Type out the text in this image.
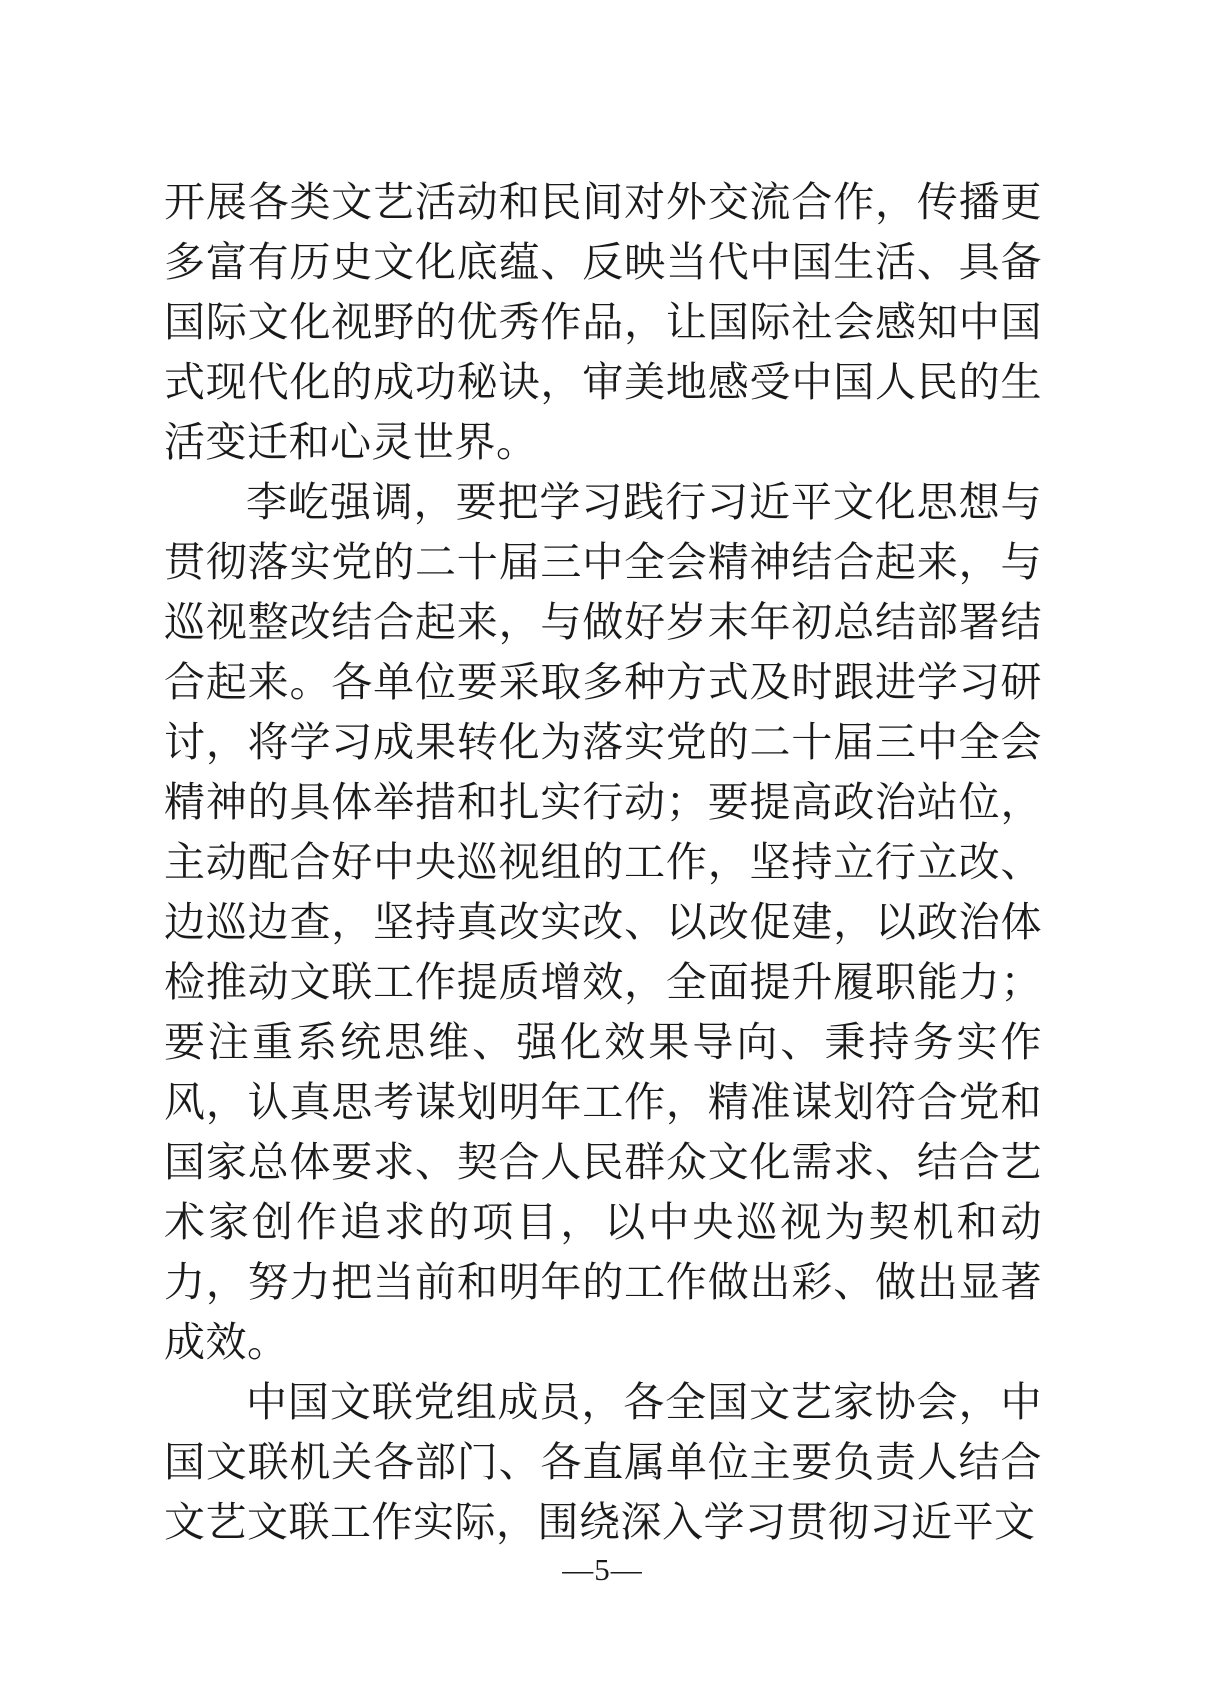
开展各类文艺活动和民间对外交流合作，传播更多富有历史文化底蕴、反映当代中国生活、具备国际文化视野的优秀作品，让国际社会感知中国式现代化的成功秘诀，审美地感受中国人民的生活变迁和心灵世界。

李屹强调，要把学习践行习近平文化思想与贯彻落实党的二十届三中全会精神结合起来，与巡视整改结合起来，与做好岁末年初总结部署结合起来。各单位要采取多种方式及时跟进学习研讨，将学习成果转化为落实党的二十届三中全会精神的具体举措和扎实行动；要提高政治站位，主动配合好中央巡视组的工作，坚持立行立改、边巡边查，坚持真改实改、以改促建，以政治体检推动文联工作提质增效，全面提升履职能力；要注重系统思维、强化效果导向、秉持务实作风，认真思考谋划明年工作，精准谋划符合党和国家总体要求、契合人民群众文化需求、结合艺术家创作追求的项目，以中央巡视为契机和动力，努力把当前和明年的工作做出彩、做出显著成效。

中国文联党组成员，各全国文艺家协会，中国文联机关各部门、各直属单位主要负责人结合文艺文联工作实际，围绕深入学习贯彻习近平文

—5—
